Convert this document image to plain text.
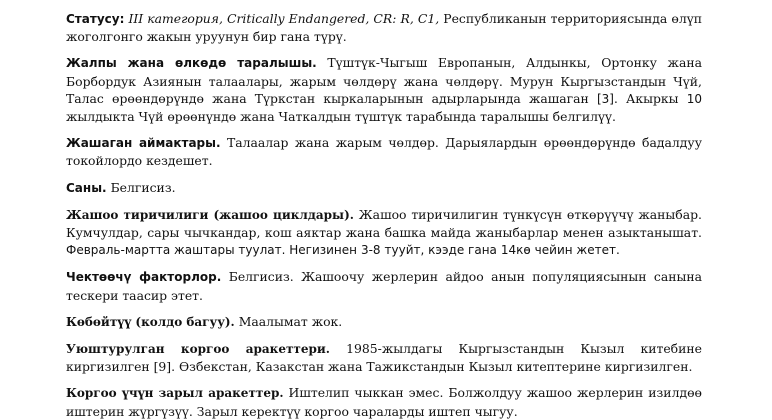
Статусу: III категория, Critically Endangered, CR: R, C1, Республиканын территориясында өлүп жоголгонго жакын уруунун бир гана түрү.

Жалпы жана өлкөдө таралышы. Түштүк-Чыгыш Европанын, Алдынкы, Ортонку жана Борбордук Азиянын талаалары, жарым чөлдөрү жана чөлдөрү. Мурун Кыргызстандын Чүй, Талас өрөөндөрүндө жана Түркстан кыркаларынын адырларында жашаган [3]. Акыркы 10 жылдыкта Чүй өрөөнүндө жана Чаткалдын түштүк тарабында таралышы белгилүү.

Жашаган аймактары. Талаалар жана жарым чөлдөр. Дарыялардын өрөөндөрүндө бадалдуу токойлордо кездешет.

Саны. Белгисиз.

Жашоо тиричилиги (жашоо циклдары). Жашоо тиричилигин түнкүсүн өткөрүүчү жаныбар. Кумчулдар, сары чычкандар, кош аяктар жана башка майда жаныбарлар менен азыктанышат. Февраль-мартта жаштары туулат. Негизинен 3-8 тууйт, кээде гана 14кө чейин жетет.

Чектөөчү факторлор. Белгисиз. Жашоочу жерлерин айдоо анын популяциясынын санына тескери таасир этет.

Көбөйтүү (колдо багуу). Маалымат жок.

Уюштурулган коргоо аракеттери. 1985-жылдагы Кыргызстандын Кызыл китебине киргизилген [9]. Өзбекстан, Казакстан жана Тажикстандын Кызыл китептерине киргизилген.

Коргоо үчүн зарыл аракеттер. Иштелип чыккан эмес. Болжолдуу жашоо жерлерин изилдөө иштерин жүргүзүү. Зарыл керектүү коргоо чараларды иштеп чыгуу.
